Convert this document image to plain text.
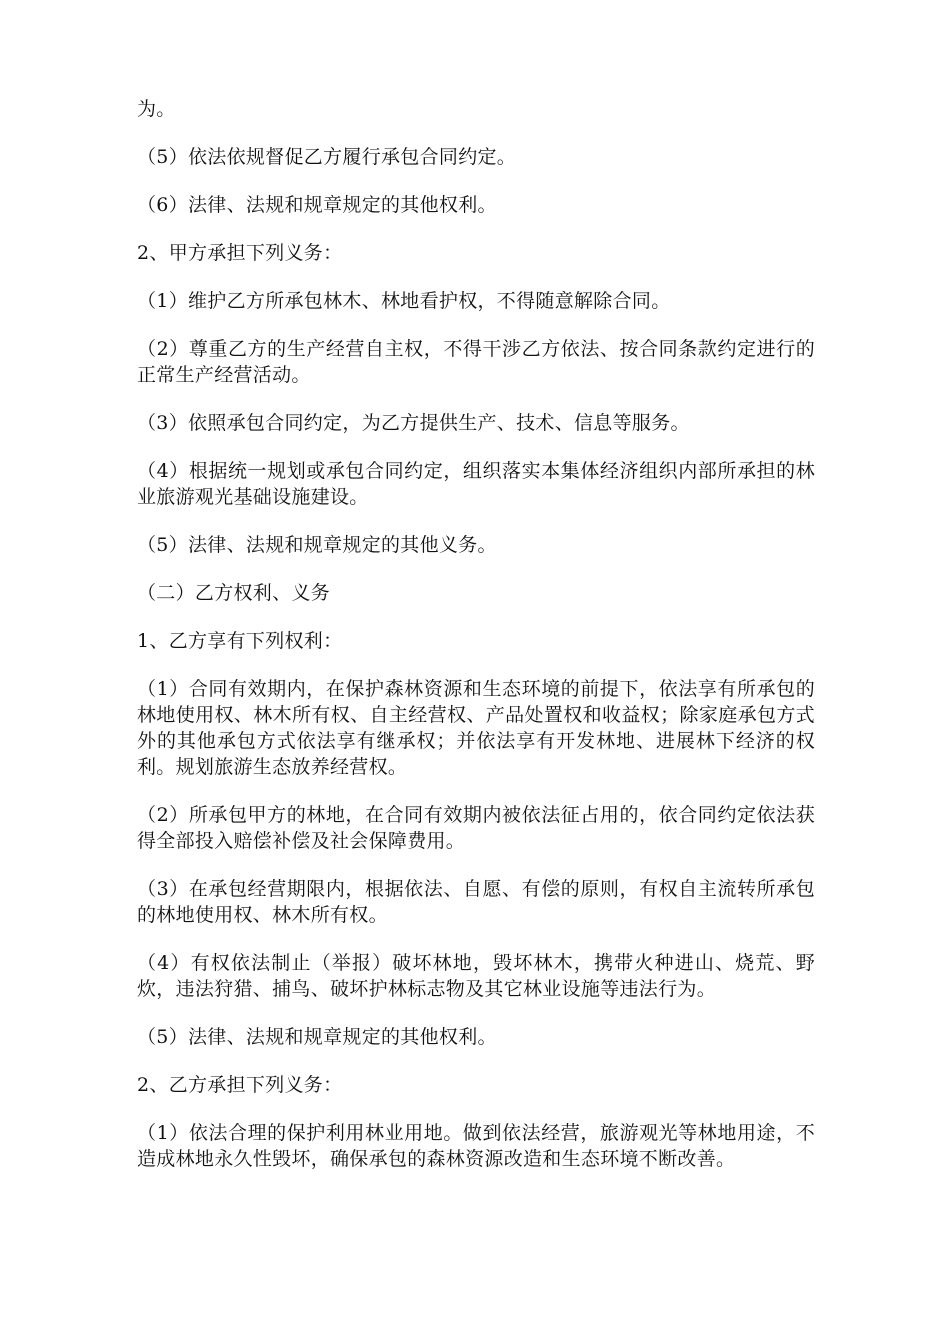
为。

（5）依法依规督促乙方履行承包合同约定。

（6）法律、法规和规章规定的其他权利。

2、甲方承担下列义务：

（1）维护乙方所承包林木、林地看护权，不得随意解除合同。

（2）尊重乙方的生产经营自主权，不得干涉乙方依法、按合同条款约定进行的正常生产经营活动。

（3）依照承包合同约定，为乙方提供生产、技术、信息等服务。

（4）根据统一规划或承包合同约定，组织落实本集体经济组织内部所承担的林业旅游观光基础设施建设。

（5）法律、法规和规章规定的其他义务。

（二）乙方权利、义务

1、乙方享有下列权利：

（1）合同有效期内，在保护森林资源和生态环境的前提下，依法享有所承包的林地使用权、林木所有权、自主经营权、产品处置权和收益权；除家庭承包方式外的其他承包方式依法享有继承权；并依法享有开发林地、进展林下经济的权利。规划旅游生态放养经营权。

（2）所承包甲方的林地，在合同有效期内被依法征占用的，依合同约定依法获得全部投入赔偿补偿及社会保障费用。

（3）在承包经营期限内，根据依法、自愿、有偿的原则，有权自主流转所承包的林地使用权、林木所有权。

（4）有权依法制止（举报）破坏林地，毁坏林木，携带火种进山、烧荒、野炊，违法狩猎、捕鸟、破坏护林标志物及其它林业设施等违法行为。

（5）法律、法规和规章规定的其他权利。

2、乙方承担下列义务：

（1）依法合理的保护利用林业用地。做到依法经营，旅游观光等林地用途，不造成林地永久性毁坏，确保承包的森林资源改造和生态环境不断改善。
